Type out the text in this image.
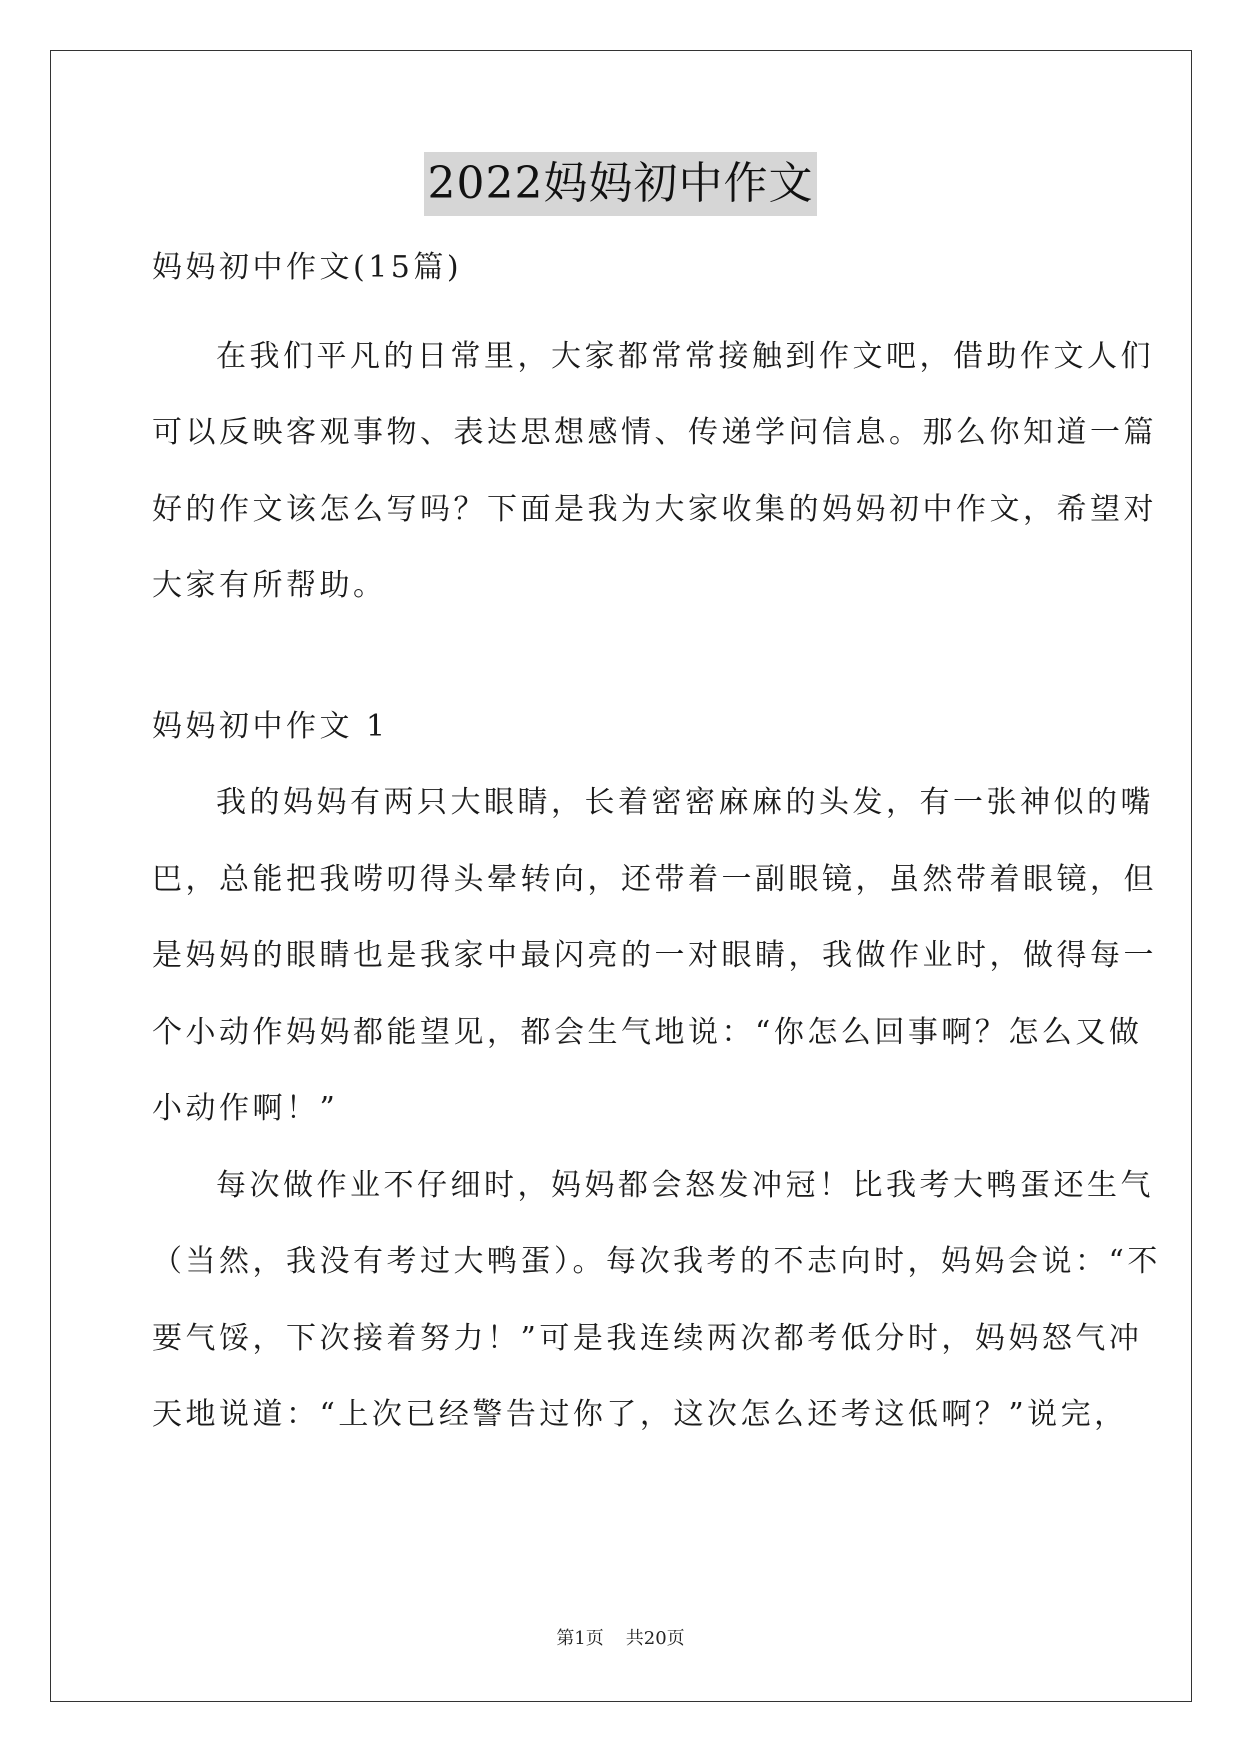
2022妈妈初中作文
妈妈初中作文(15篇)
在我们平凡的日常里，大家都常常接触到作文吧，借助作文人们
可以反映客观事物、表达思想感情、传递学问信息。那么你知道一篇
好的作文该怎么写吗？下面是我为大家收集的妈妈初中作文，希望对
大家有所帮助。
妈妈初中作文 1
我的妈妈有两只大眼睛，长着密密麻麻的头发，有一张神似的嘴
巴，总能把我唠叨得头晕转向，还带着一副眼镜，虽然带着眼镜，但
是妈妈的眼睛也是我家中最闪亮的一对眼睛，我做作业时，做得每一
个小动作妈妈都能望见，都会生气地说：“你怎么回事啊？怎么又做
小动作啊！”
每次做作业不仔细时，妈妈都会怒发冲冠！比我考大鸭蛋还生气
（当然，我没有考过大鸭蛋）。每次我考的不志向时，妈妈会说：“不
要气馁，下次接着努力！”可是我连续两次都考低分时，妈妈怒气冲
天地说道：“上次已经警告过你了，这次怎么还考这低啊？”说完，
第1页 共20页
